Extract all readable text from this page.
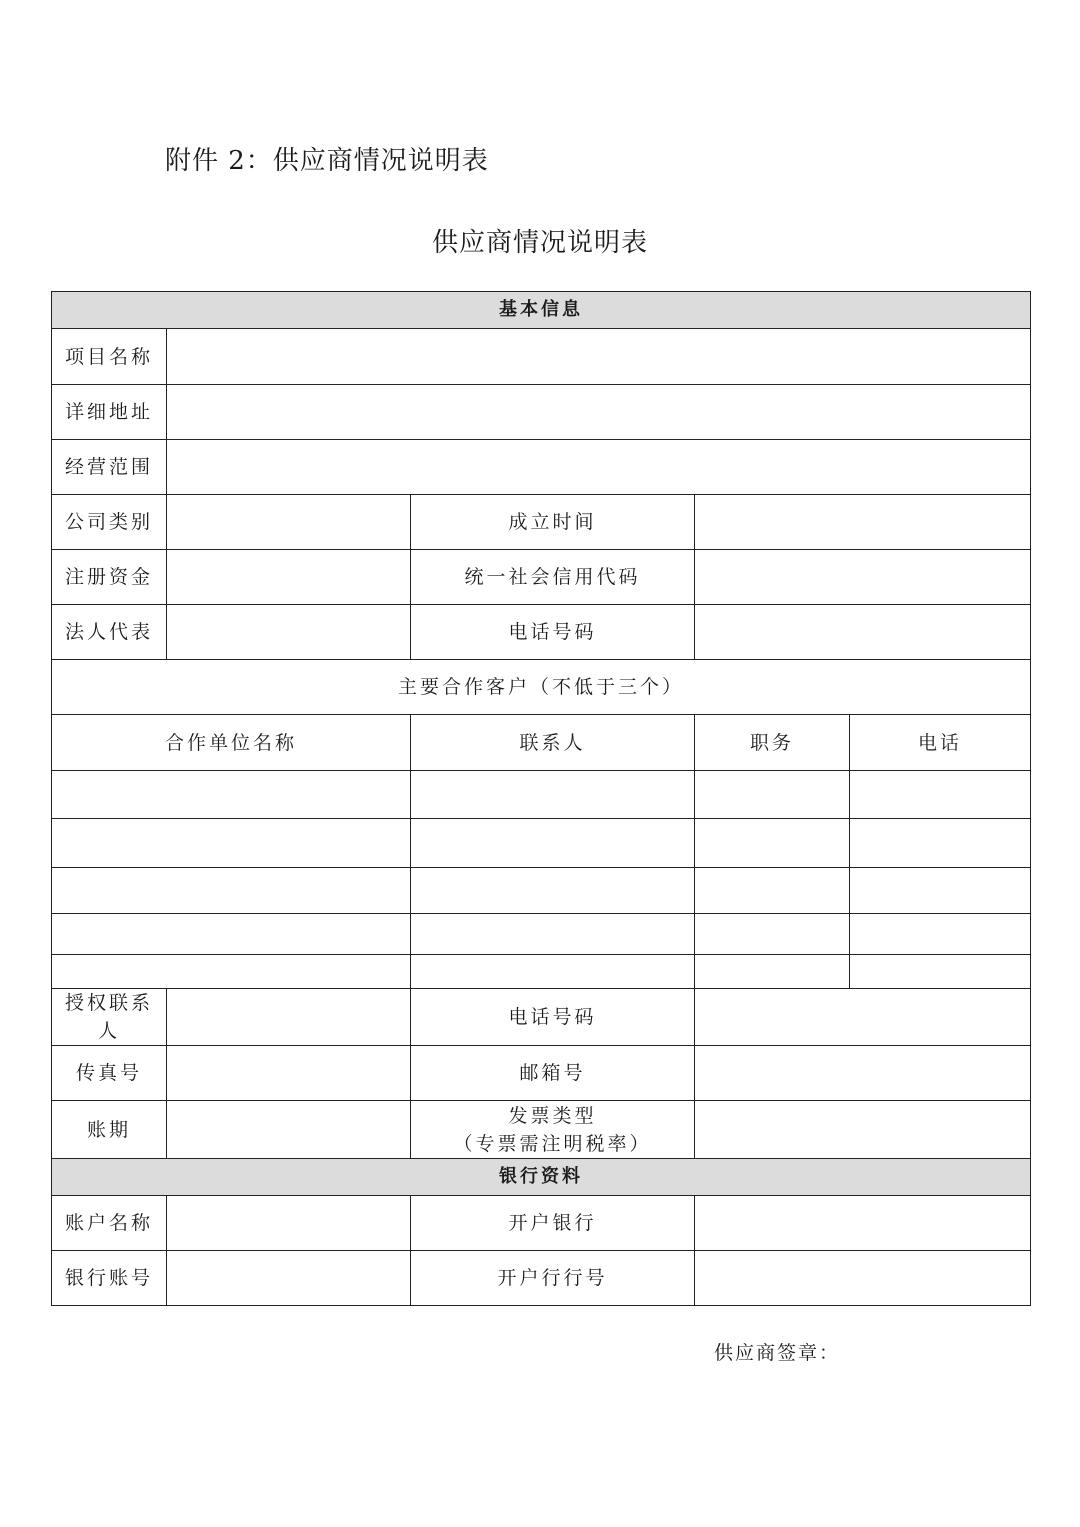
附件 2：供应商情况说明表
供应商情况说明表
基本信息				
项目名称				
详细地址				
经营范围				
公司类别		成立时间		
注册资金		统一社会信用代码		
法人代表		电话号码		
主要合作客户（不低于三个）				
合作单位名称		联系人	职务	电话

授权联系
人		电话号码		
传真号		邮箱号		
账期		发票类型
（专票需注明税率）		
银行资料				
账户名称		开户银行		
银行账号		开户行行号		
供应商签章：
